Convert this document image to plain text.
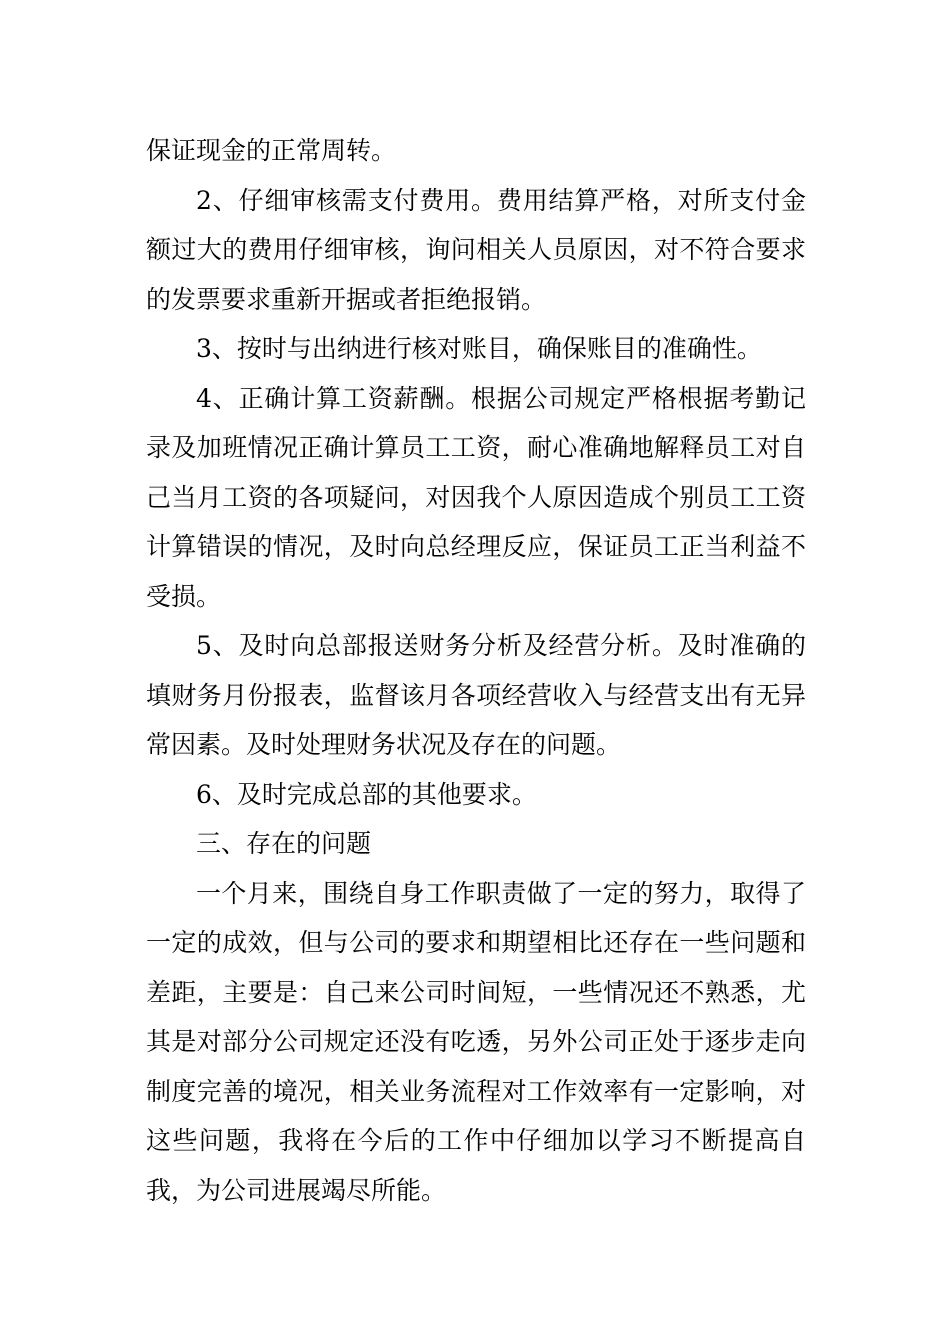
保证现金的正常周转。

2、仔细审核需支付费用。费用结算严格，对所支付金额过大的费用仔细审核，询问相关人员原因，对不符合要求的发票要求重新开据或者拒绝报销。

3、按时与出纳进行核对账目，确保账目的准确性。

4、正确计算工资薪酬。根据公司规定严格根据考勤记录及加班情况正确计算员工工资，耐心准确地解释员工对自己当月工资的各项疑问，对因我个人原因造成个别员工工资计算错误的情况，及时向总经理反应，保证员工正当利益不受损。

5、及时向总部报送财务分析及经营分析。及时准确的填财务月份报表，监督该月各项经营收入与经营支出有无异常因素。及时处理财务状况及存在的问题。

6、及时完成总部的其他要求。

三、存在的问题

一个月来，围绕自身工作职责做了一定的努力，取得了一定的成效，但与公司的要求和期望相比还存在一些问题和差距，主要是：自己来公司时间短，一些情况还不熟悉，尤其是对部分公司规定还没有吃透，另外公司正处于逐步走向制度完善的境况，相关业务流程对工作效率有一定影响，对这些问题，我将在今后的工作中仔细加以学习不断提高自我，为公司进展竭尽所能。
